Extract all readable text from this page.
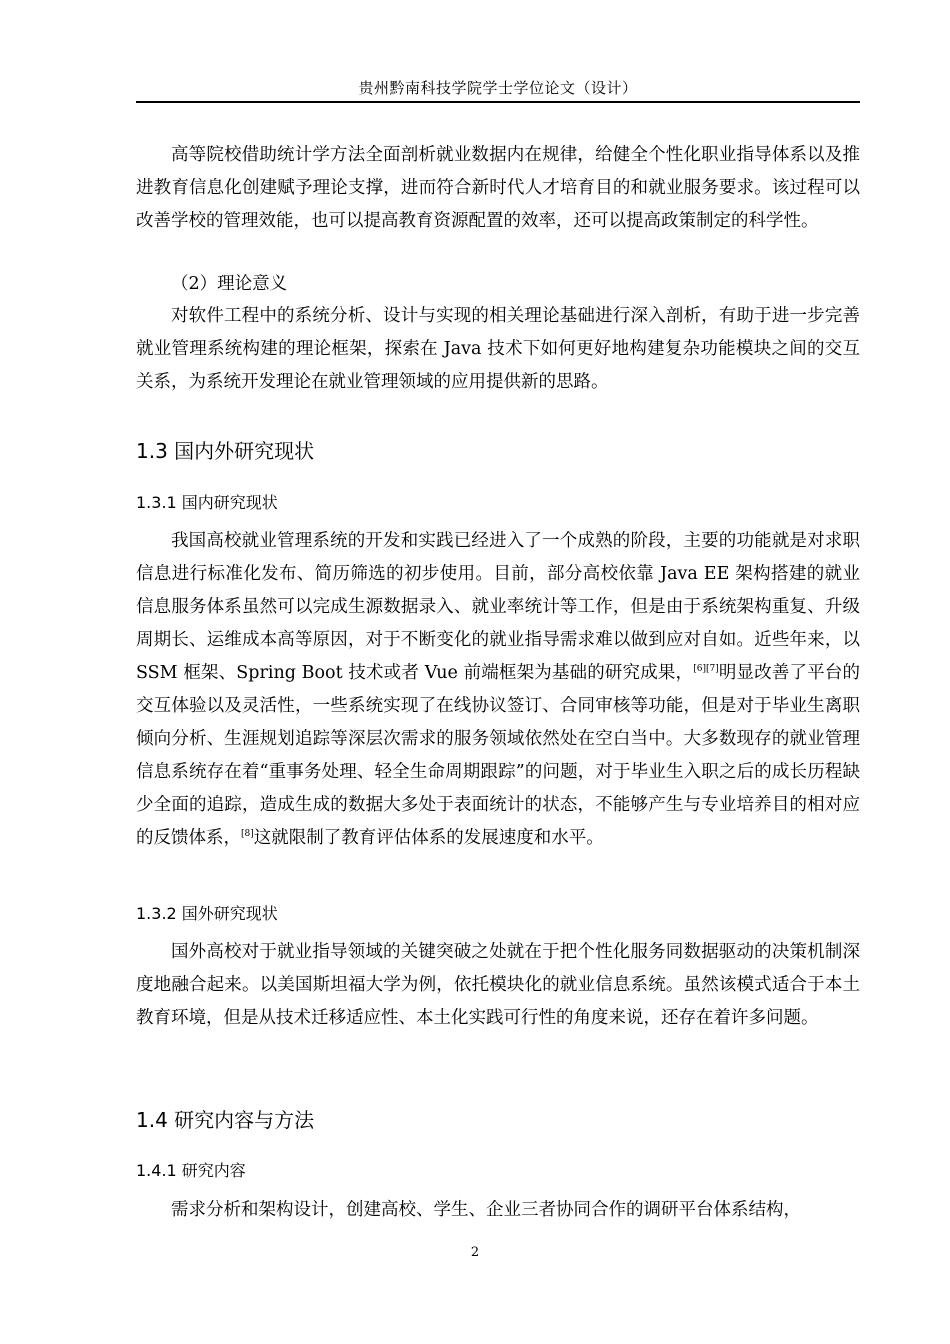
贵州黔南科技学院学士学位论文（设计）

高等院校借助统计学方法全面剖析就业数据内在规律，给健全个性化职业指导体系以及推进教育信息化创建赋予理论支撑，进而符合新时代人才培育目的和就业服务要求。该过程可以改善学校的管理效能，也可以提高教育资源配置的效率，还可以提高政策制定的科学性。

（2）理论意义

对软件工程中的系统分析、设计与实现的相关理论基础进行深入剖析，有助于进一步完善就业管理系统构建的理论框架，探索在 Java 技术下如何更好地构建复杂功能模块之间的交互关系，为系统开发理论在就业管理领域的应用提供新的思路。

1.3 国内外研究现状
1.3.1 国内研究现状

我国高校就业管理系统的开发和实践已经进入了一个成熟的阶段，主要的功能就是对求职信息进行标准化发布、简历筛选的初步使用。目前，部分高校依靠 Java EE 架构搭建的就业信息服务体系虽然可以完成生源数据录入、就业率统计等工作，但是由于系统架构重复、升级周期长、运维成本高等原因，对于不断变化的就业指导需求难以做到应对自如。近些年来，以 SSM 框架、Spring Boot 技术或者 Vue 前端框架为基础的研究成果，[6][7]明显改善了平台的交互体验以及灵活性，一些系统实现了在线协议签订、合同审核等功能，但是对于毕业生离职倾向分析、生涯规划追踪等深层次需求的服务领域依然处在空白当中。大多数现存的就业管理信息系统存在着“重事务处理、轻全生命周期跟踪”的问题，对于毕业生入职之后的成长历程缺少全面的追踪，造成生成的数据大多处于表面统计的状态，不能够产生与专业培养目的相对应的反馈体系，[8]这就限制了教育评估体系的发展速度和水平。

1.3.2 国外研究现状

国外高校对于就业指导领域的关键突破之处就在于把个性化服务同数据驱动的决策机制深度地融合起来。以美国斯坦福大学为例，依托模块化的就业信息系统。虽然该模式适合于本土教育环境，但是从技术迁移适应性、本土化实践可行性的角度来说，还存在着许多问题。

1.4 研究内容与方法
1.4.1 研究内容

需求分析和架构设计，创建高校、学生、企业三者协同合作的调研平台体系结构，

2
